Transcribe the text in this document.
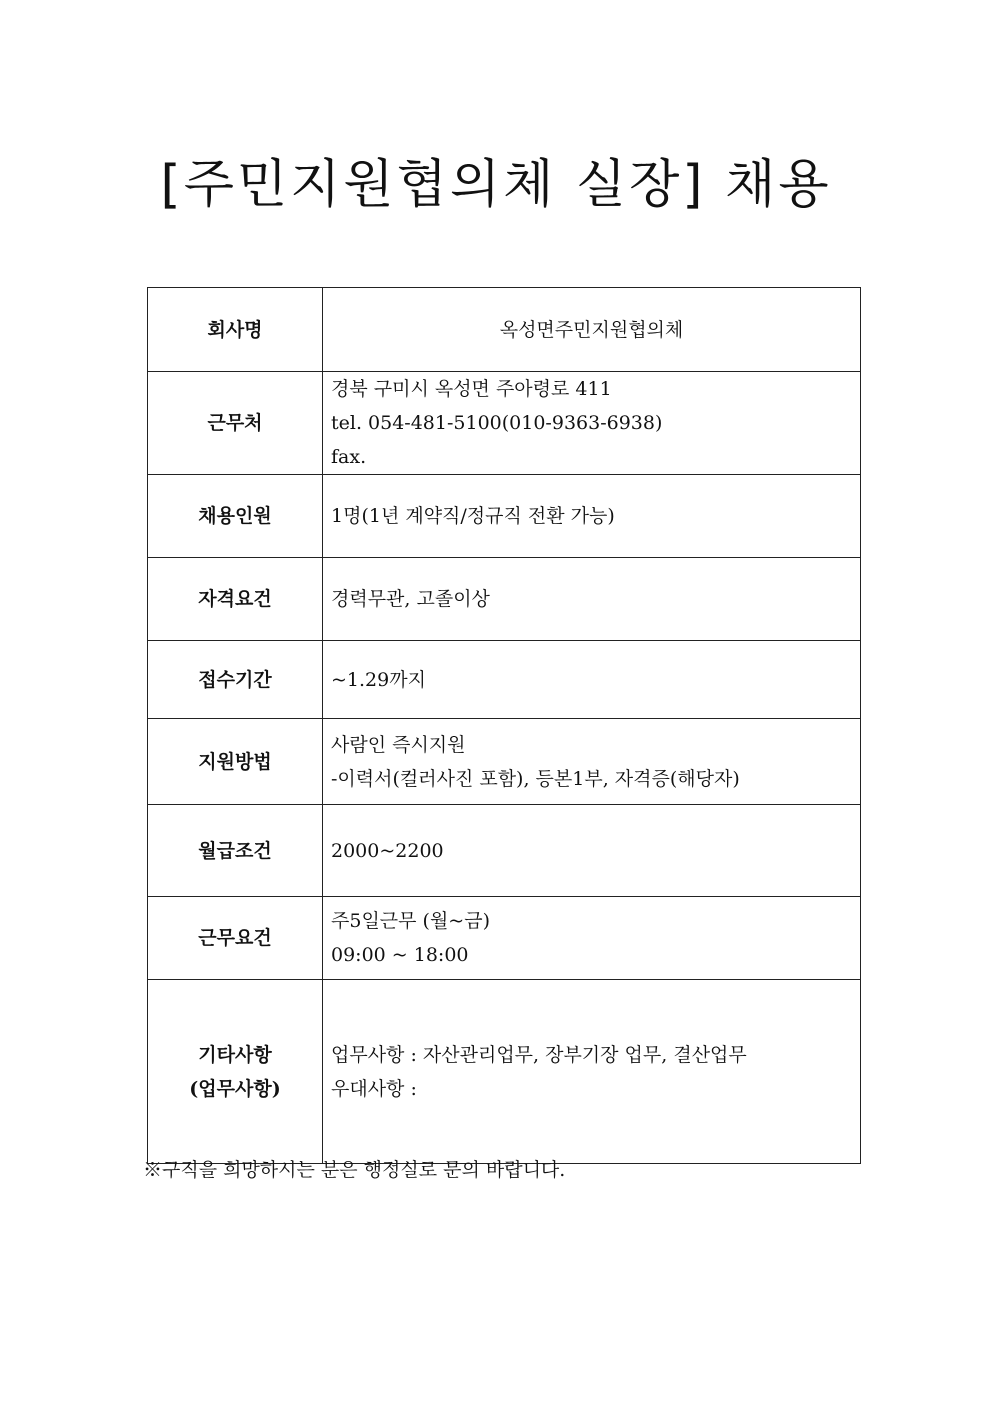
[주민지원협의체 실장] 채용
회사명	옥성면주민지원협의체
근무처	경북 구미시 옥성면 주아령로 411
tel. 054-481-5100(010-9363-6938)
fax.

채용인원	1명(1년 계약직/정규직 전환 가능)
자격요건	경력무관, 고졸이상
접수기간	~1.29까지
지원방법	사람인 즉시지원
-이력서(컬러사진 포함), 등본1부, 자격증(해당자)

월급조건	2000~2200
근무요건	주5일근무 (월~금)
09:00 ~ 18:00

기타사항
(업무사항)	업무사항 : 자산관리업무, 장부기장 업무, 결산업무
우대사항 :
※구직을 희망하시는 분은 행정실로 문의 바랍니다.
